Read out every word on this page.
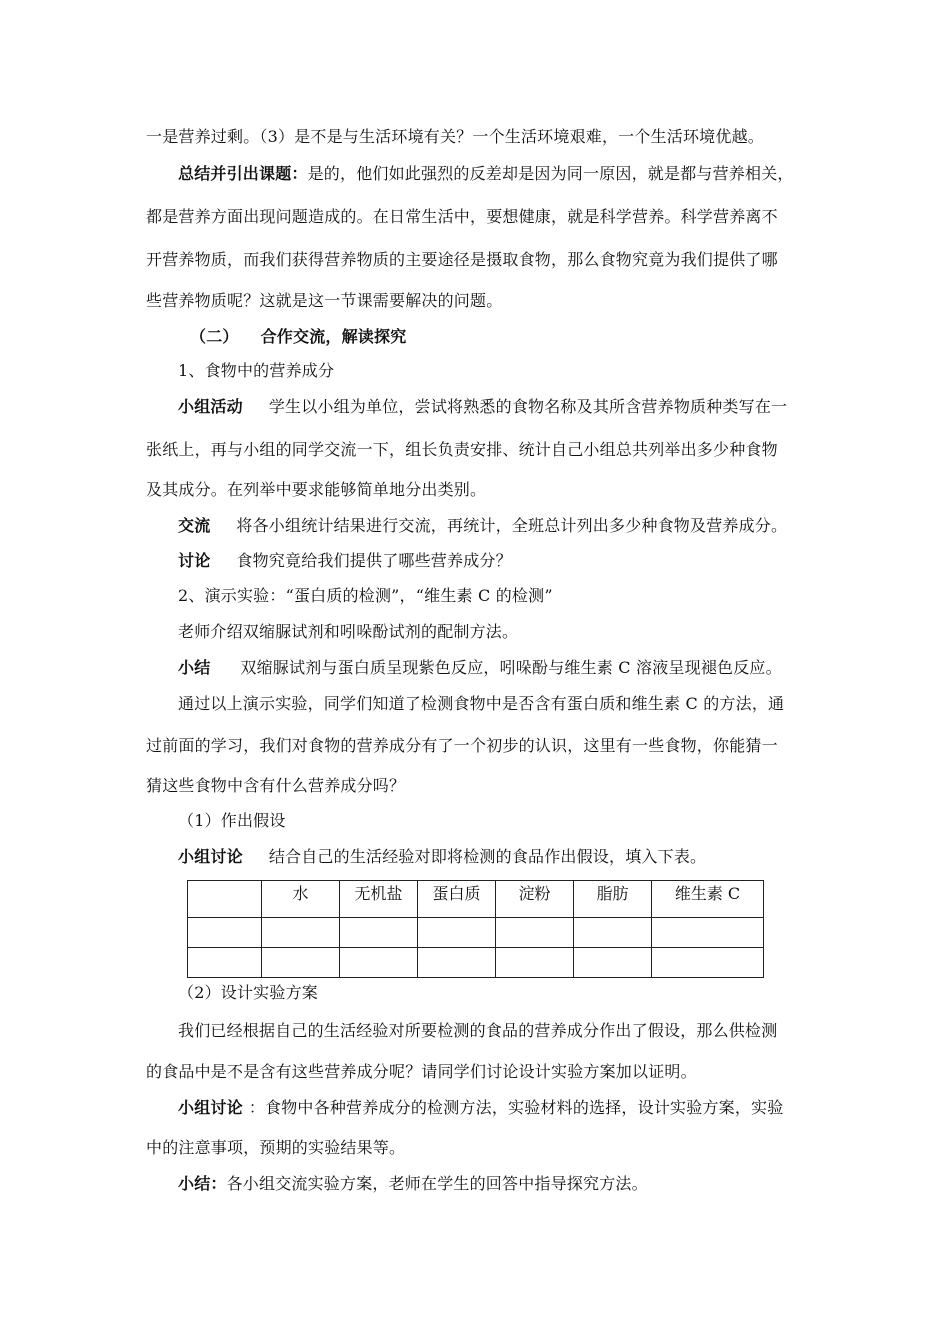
一是营养过剩。（3）是不是与生活环境有关？一个生活环境艰难，一个生活环境优越。
总结并引出课题：是的，他们如此强烈的反差却是因为同一原因，就是都与营养相关，
都是营养方面出现问题造成的。在日常生活中，要想健康，就是科学营养。科学营养离不
开营养物质，而我们获得营养物质的主要途径是摄取食物，那么食物究竟为我们提供了哪
些营养物质呢？这就是这一节课需要解决的问题。
（二） 合作交流，解读探究
1、食物中的营养成分
小组活动 学生以小组为单位，尝试将熟悉的食物名称及其所含营养物质种类写在一
张纸上，再与小组的同学交流一下，组长负责安排、统计自己小组总共列举出多少种食物
及其成分。在列举中要求能够简单地分出类别。
交流 将各小组统计结果进行交流，再统计，全班总计列出多少种食物及营养成分。
讨论 食物究竟给我们提供了哪些营养成分？
2、演示实验：“蛋白质的检测”，“维生素 C 的检测”
老师介绍双缩脲试剂和吲哚酚试剂的配制方法。
小结 双缩脲试剂与蛋白质呈现紫色反应，吲哚酚与维生素 C 溶液呈现褪色反应。
通过以上演示实验，同学们知道了检测食物中是否含有蛋白质和维生素 C 的方法，通
过前面的学习，我们对食物的营养成分有了一个初步的认识，这里有一些食物，你能猜一
猜这些食物中含有什么营养成分吗？
（1）作出假设
小组讨论 结合自己的生活经验对即将检测的食品作出假设，填入下表。
	水	无机盐	蛋白质	淀粉	脂肪	维生素 C

（2）设计实验方案
我们已经根据自己的生活经验对所要检测的食品的营养成分作出了假设，那么供检测
的食品中是不是含有这些营养成分呢？请同学们讨论设计实验方案加以证明。
小组讨论 ：食物中各种营养成分的检测方法，实验材料的选择，设计实验方案，实验
中的注意事项，预期的实验结果等。
小结：各小组交流实验方案，老师在学生的回答中指导探究方法。
